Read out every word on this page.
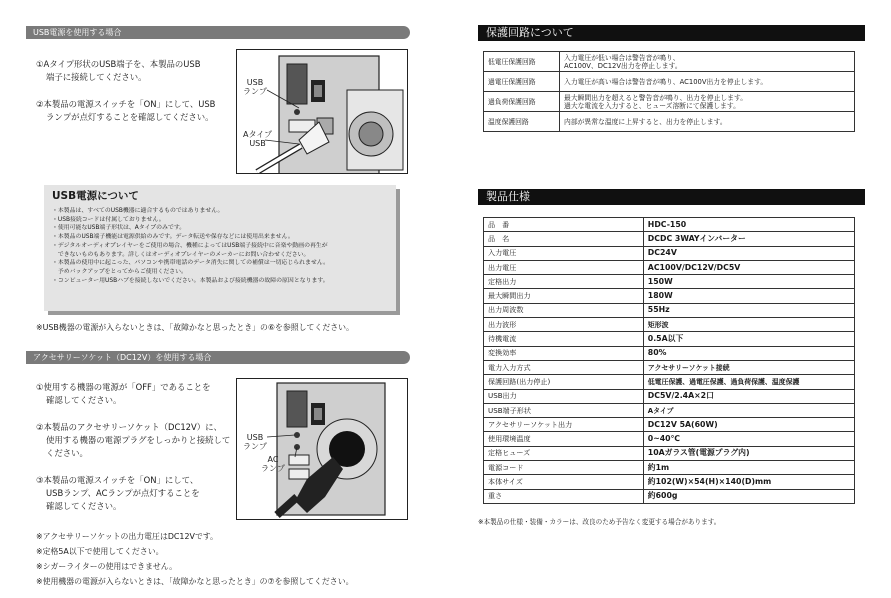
USB電源を使用する場合
①Aタイプ形状のUSB端子を、本製品のUSB
端子に接続してください。
②本製品の電源スイッチを「ON」にして、USB
ランプが点灯することを確認してください。
USB
ランプ
Aタイプ
USB
USB電源について
・本製品は、すべてのUSB機器に適合するものではありません。
・USB接続コードは付属しておりません。
・使用可能なUSB端子形状は、Aタイプのみです。
・本製品のUSB端子機能は電源供給のみです。データ転送や保存などには使用出来ません。
・デジタルオーディオプレイヤーをご使用の場合、機種によってはUSB端子接続中に音楽や動画の再生が
　できないものもあります。詳しくはオーディオプレイヤーのメーカーにお問い合わせください。
・本製品の使用中に起こった、パソコンや携帯電話のデータ消失に関しての補償は一切応じられません。
　予めバックアップをとってからご使用ください。
・コンピューター用USBハブを接続しないでください。本製品および接続機器の故障の原因となります。
※USB機器の電源が入らないときは、「故障かなと思ったとき」の⑥を参照してください。
アクセサリーソケット（DC12V）を使用する場合
①使用する機器の電源が「OFF」であることを
確認してください。
②本製品のアクセサリーソケット（DC12V）に、
使用する機器の電源プラグをしっかりと接続して
ください。
③本製品の電源スイッチを「ON」にして、
USBランプ、ACランプが点灯することを
確認してください。
USB
ランプ
AC
ランプ
※アクセサリーソケットの出力電圧はDC12Vです。
※定格5A以下で使用してください。
※シガーライターの使用はできません。
※使用機器の電源が入らないときは、「故障かなと思ったとき」の⑦を参照してください。
保護回路について
低電圧保護回路	入力電圧が低い場合は警告音が鳴り、
AC100V、DC12V出力を停止します。

過電圧保護回路	入力電圧が高い場合は警告音が鳴り、AC100V出力を停止します。

過負荷保護回路	最大瞬間出力を超えると警告音が鳴り、出力を停止します。
過大な電流を入力すると、ヒューズ溶断にて保護します。

温度保護回路	内部が異常な温度に上昇すると、出力を停止します。
製品仕様
品　番	HDC-150
品　名	DCDC 3WAYインバーター
入力電圧	DC24V
出力電圧	AC100V/DC12V/DC5V
定格出力	150W
最大瞬間出力	180W
出力周波数	55Hz
出力波形	矩形波
待機電流	0.5A以下
変換効率	80%
電力入力方式	アクセサリーソケット接続
保護回路(出力停止)	低電圧保護、過電圧保護、過負荷保護、温度保護
USB出力	DC5V/2.4A×2口
USB端子形状	Aタイプ
アクセサリーソケット出力	DC12V 5A(60W)
使用環境温度	0~40℃
定格ヒューズ	10Aガラス管(電源プラグ内)
電源コード	約1m
本体サイズ	約102(W)×54(H)×140(D)mm
重さ	約600g
※本製品の仕様・装備・カラーは、改良のため予告なく変更する場合があります。
